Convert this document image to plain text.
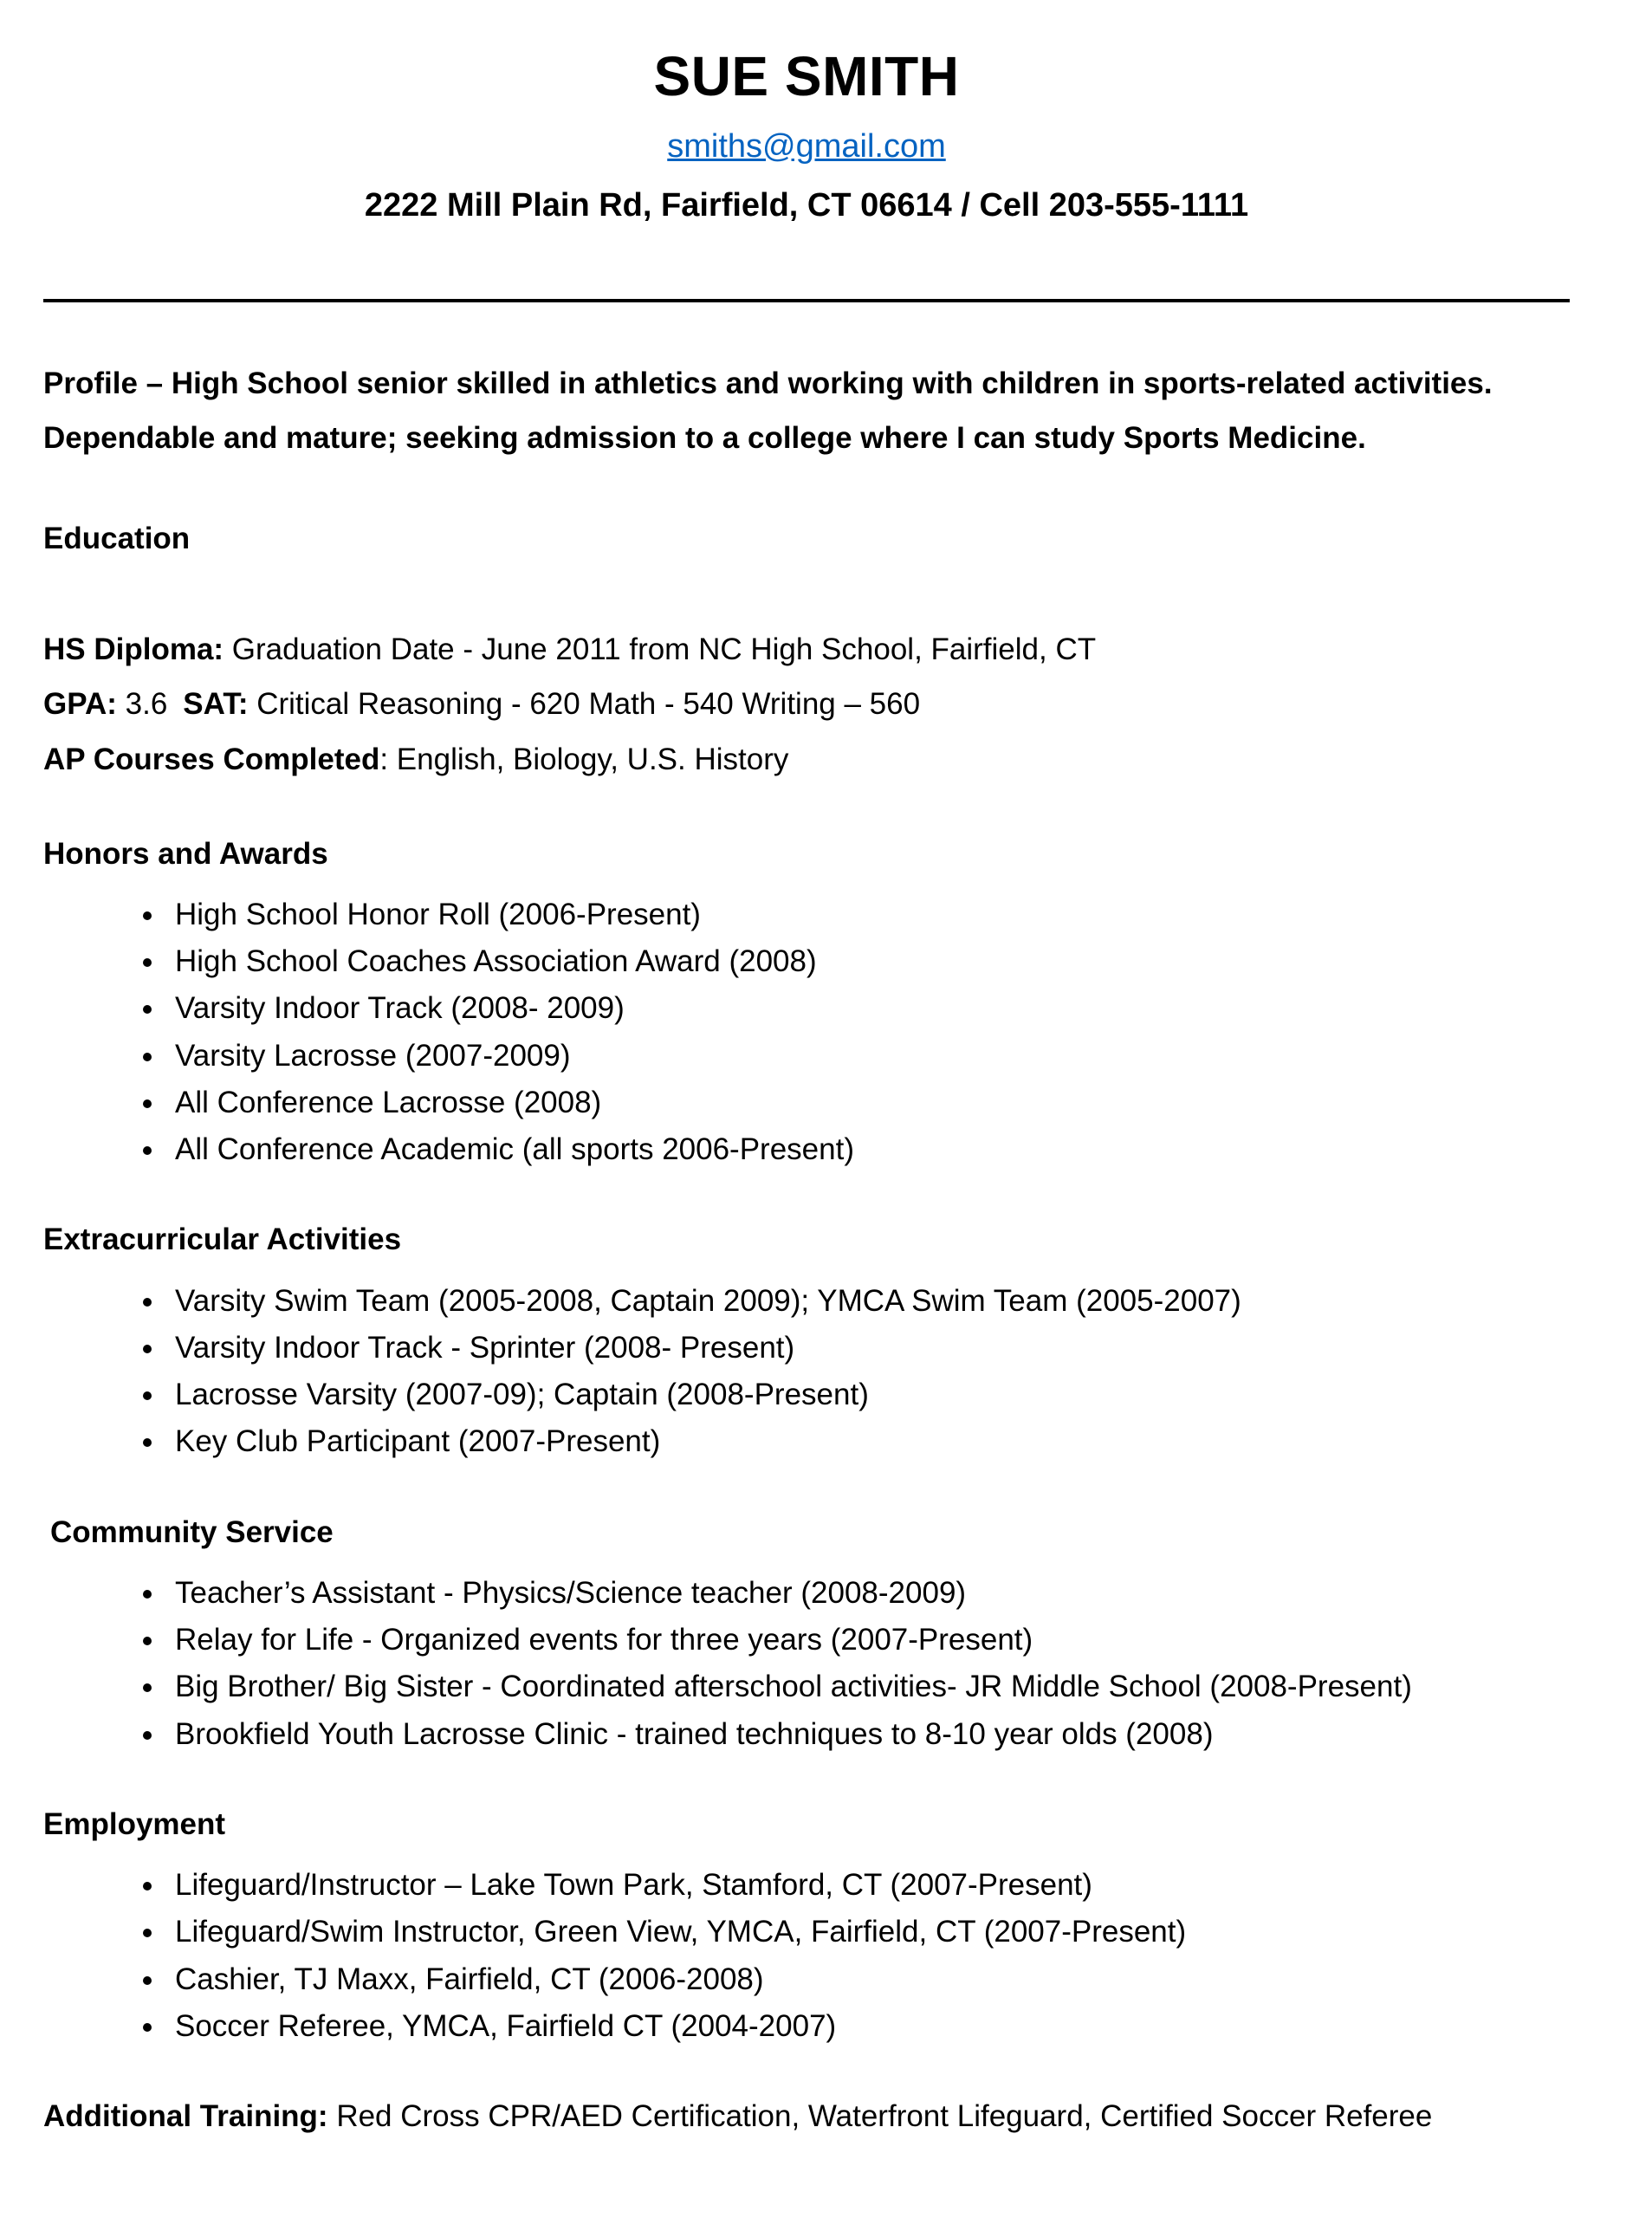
SUE SMITH
smiths@gmail.com
2222 Mill Plain Rd, Fairfield, CT 06614 / Cell 203-555-1111

Profile – High School senior skilled in athletics and working with children in sports-related activities. Dependable and mature; seeking admission to a college where I can study Sports Medicine.

Education

HS Diploma: Graduation Date - June 2011 from NC High School, Fairfield, CT

GPA: 3.6 SAT: Critical Reasoning - 620 Math - 540 Writing – 560

AP Courses Completed: English, Biology, U.S. History

Honors and Awards
• High School Honor Roll (2006-Present)
• High School Coaches Association Award (2008)
• Varsity Indoor Track (2008- 2009)
• Varsity Lacrosse (2007-2009)
• All Conference Lacrosse (2008)
• All Conference Academic (all sports 2006-Present)
Extracurricular Activities
• Varsity Swim Team (2005-2008, Captain 2009); YMCA Swim Team (2005-2007)
• Varsity Indoor Track - Sprinter (2008- Present)
• Lacrosse Varsity (2007-09); Captain (2008-Present)
• Key Club Participant (2007-Present)
Community Service
• Teacher’s Assistant - Physics/Science teacher (2008-2009)
• Relay for Life - Organized events for three years (2007-Present)
• Big Brother/ Big Sister - Coordinated afterschool activities- JR Middle School (2008-Present)
• Brookfield Youth Lacrosse Clinic - trained techniques to 8-10 year olds (2008)
Employment
• Lifeguard/Instructor – Lake Town Park, Stamford, CT (2007-Present)
• Lifeguard/Swim Instructor, Green View, YMCA, Fairfield, CT (2007-Present)
• Cashier, TJ Maxx, Fairfield, CT (2006-2008)
• Soccer Referee, YMCA, Fairfield CT (2004-2007)

Additional Training: Red Cross CPR/AED Certification, Waterfront Lifeguard, Certified Soccer Referee
